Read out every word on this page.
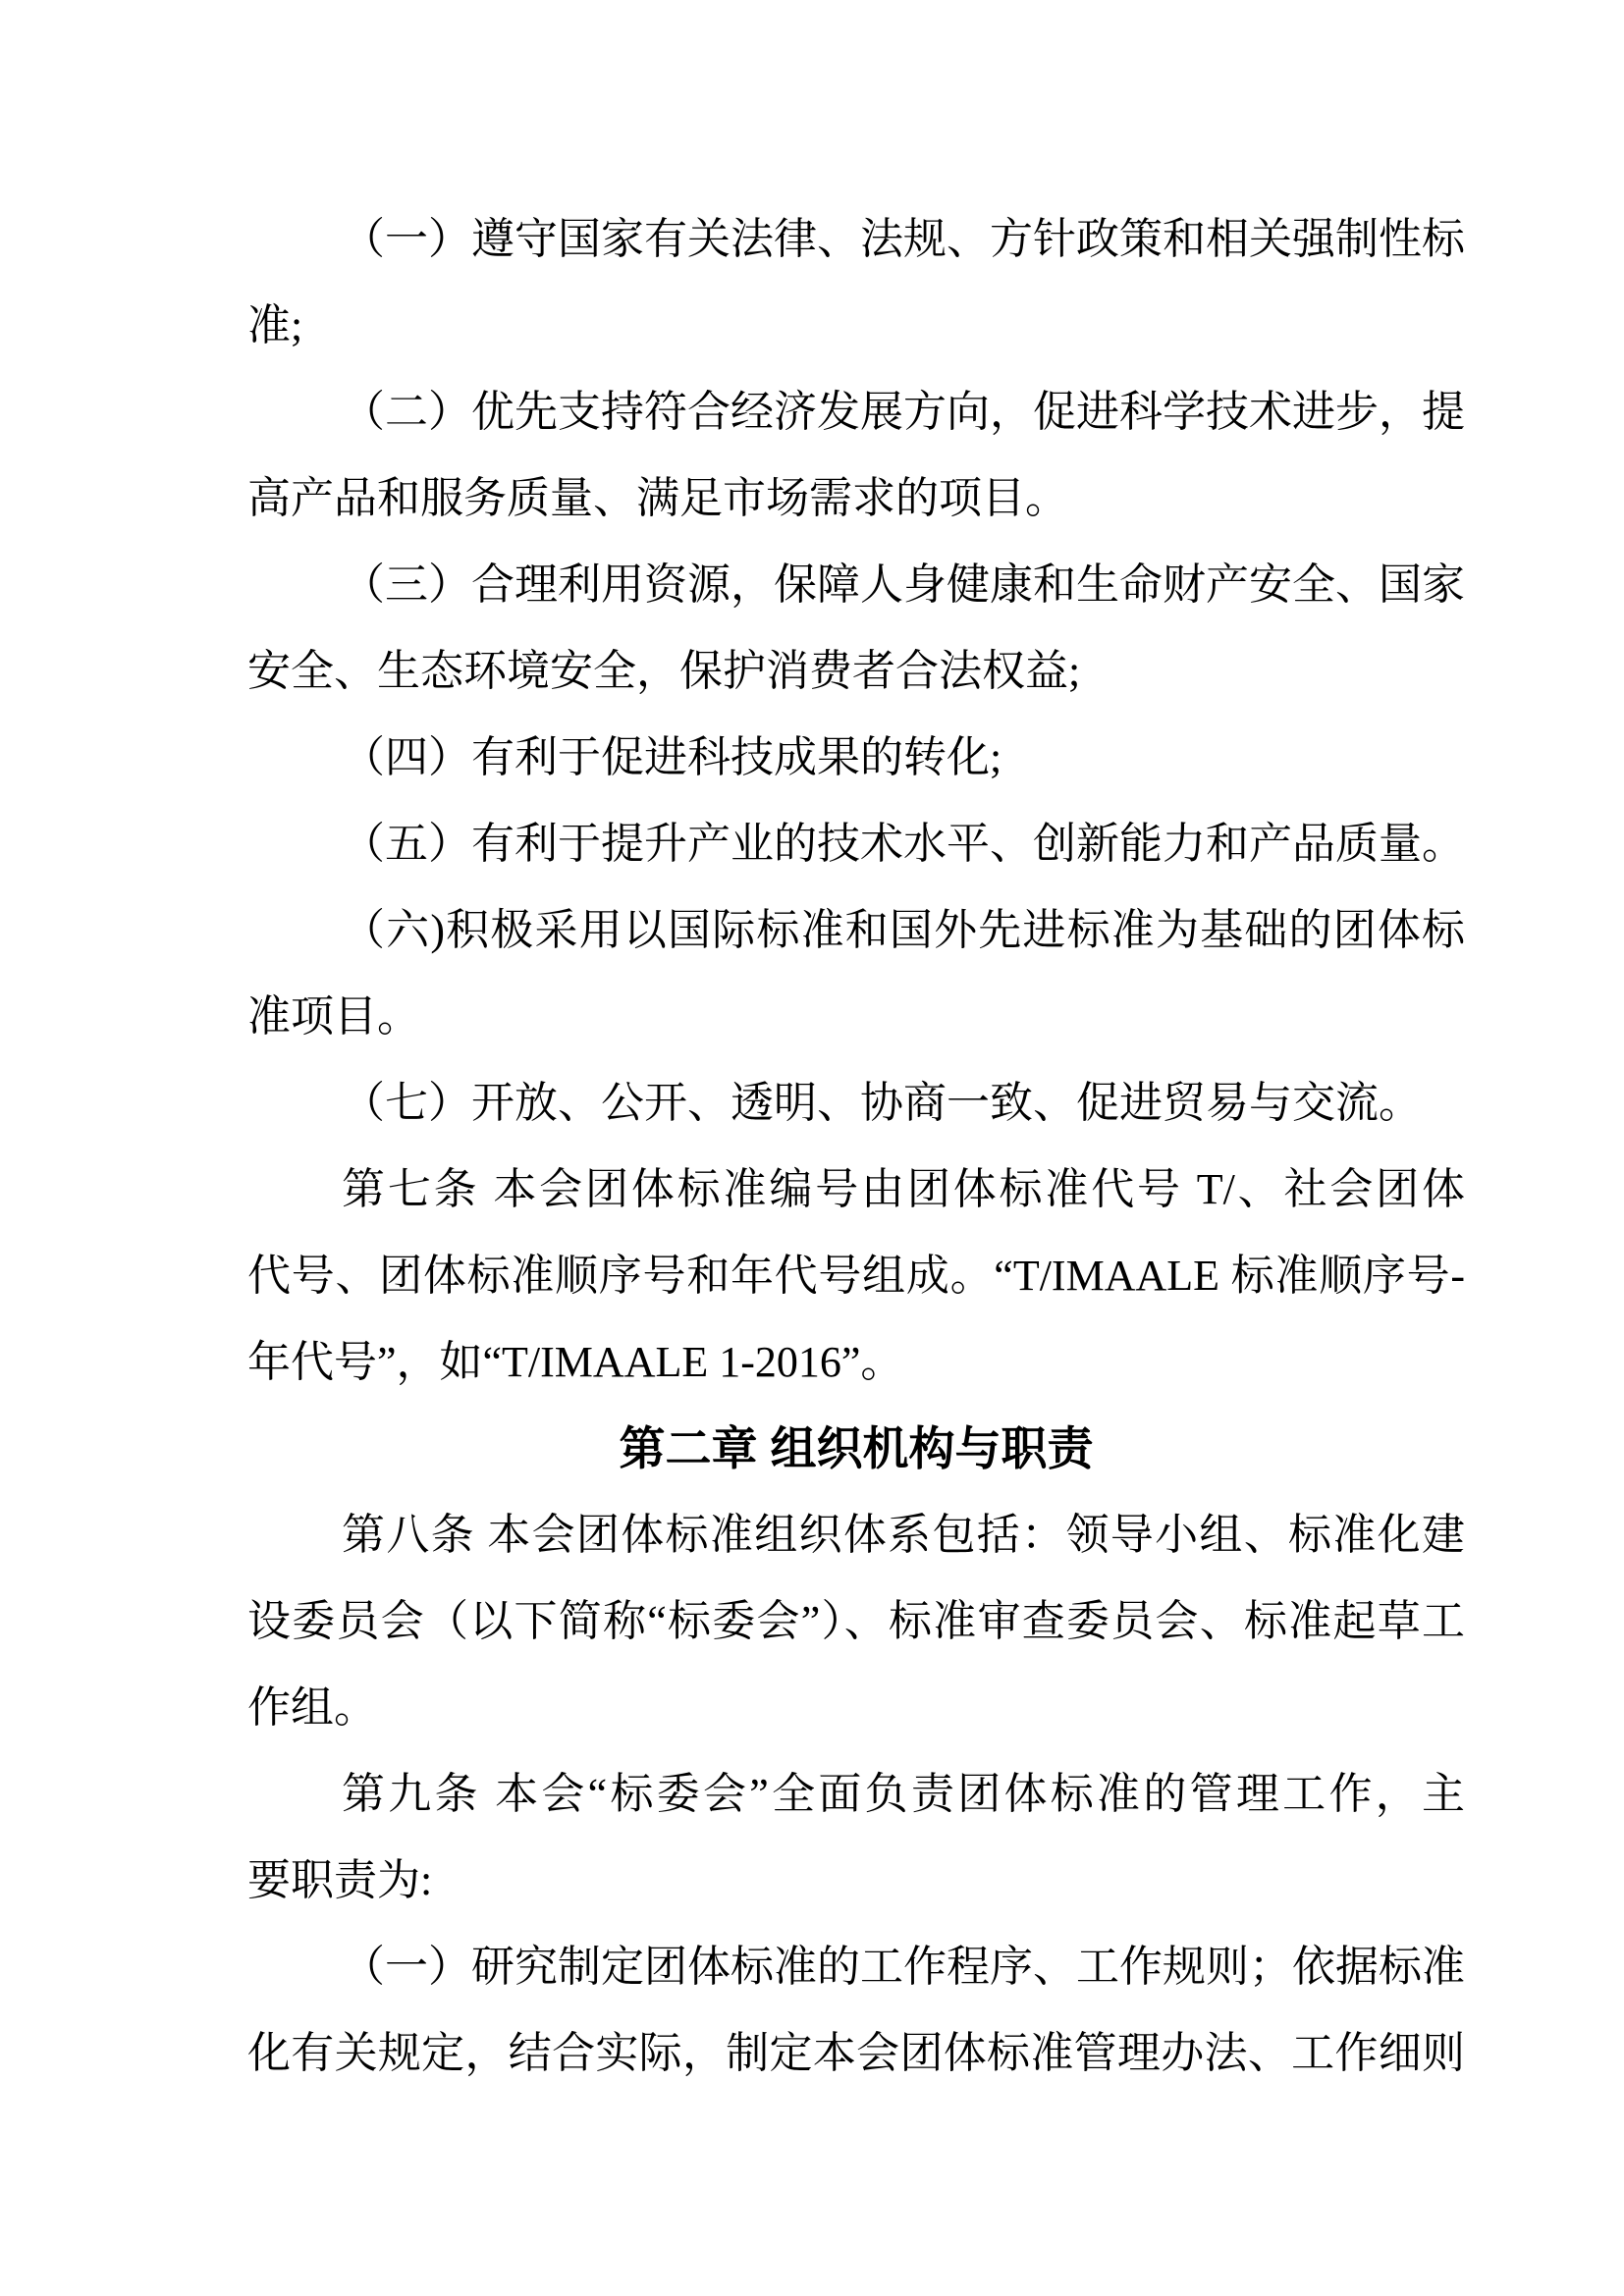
（一）遵守国家有关法律、法规、方针政策和相关强制性标
准;
（二）优先支持符合经济发展方向，促进科学技术进步，提
高产品和服务质量、满足市场需求的项目。
（三）合理利用资源，保障人身健康和生命财产安全、国家
安全、生态环境安全，保护消费者合法权益;
（四）有利于促进科技成果的转化;
（五）有利于提升产业的技术水平、创新能力和产品质量。
（六)积极采用以国际标准和国外先进标准为基础的团体标
准项目。
（七）开放、公开、透明、协商一致、促进贸易与交流。
第七条 本会团体标准编号由团体标准代号 T/、社会团体
代号、团体标准顺序号和年代号组成。“T/IMAALE 标准顺序号-
年代号”，如“T/IMAALE 1-2016”。
第二章 组织机构与职责
第八条 本会团体标准组织体系包括：领导小组、标准化建
设委员会（以下简称“标委会”）、标准审查委员会、标准起草工
作组。
第九条 本会“标委会”全面负责团体标准的管理工作，主
要职责为:
（一）研究制定团体标准的工作程序、工作规则；依据标准
化有关规定，结合实际，制定本会团体标准管理办法、工作细则
